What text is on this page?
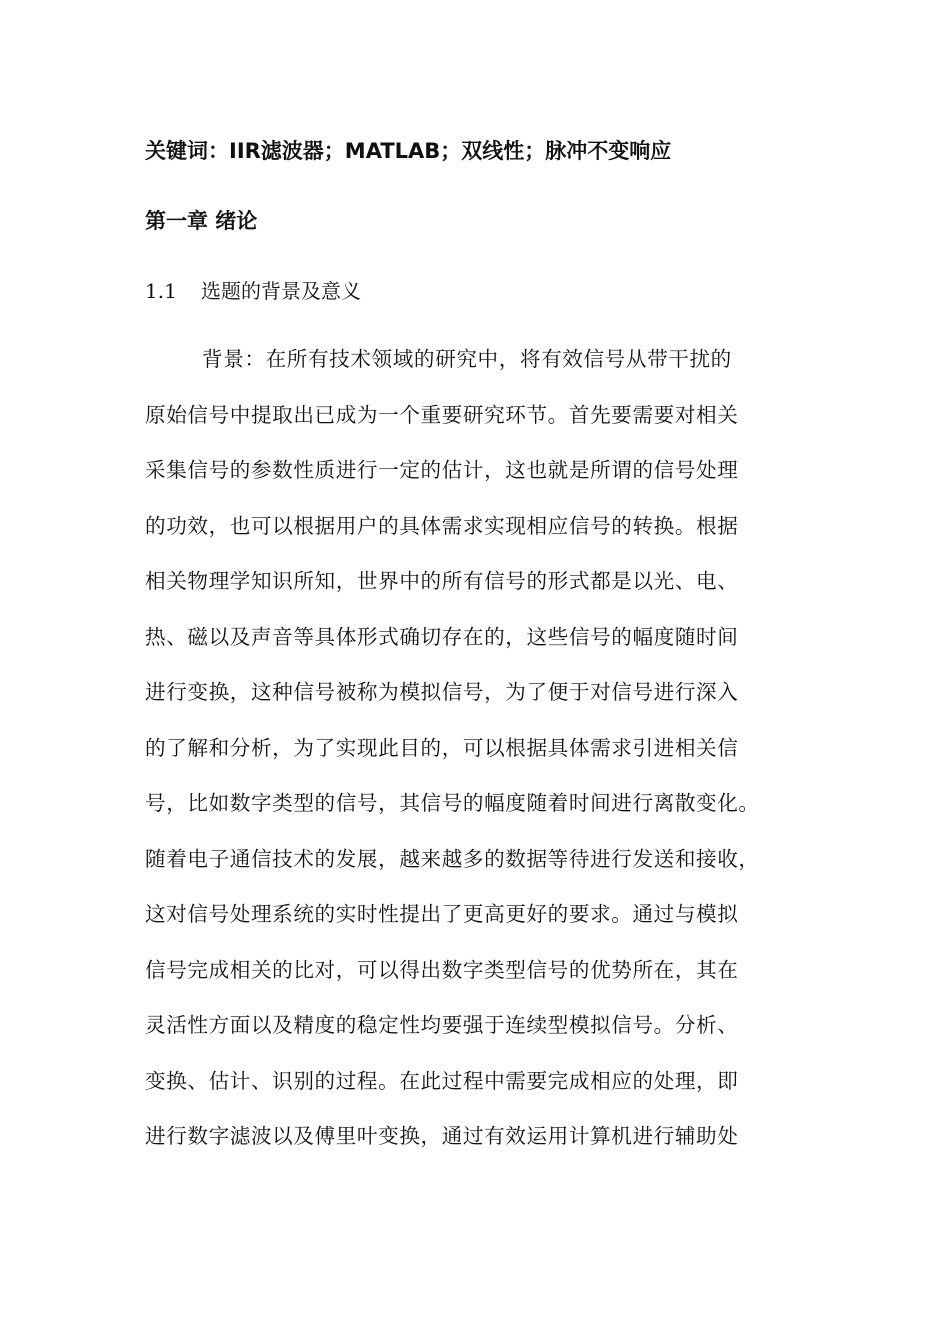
关键词：IIR滤波器；MATLAB；双线性；脉冲不变响应
第一章 绪论
1.1 选题的背景及意义
背景：在所有技术领域的研究中，将有效信号从带干扰的
原始信号中提取出已成为一个重要研究环节。首先要需要对相关
采集信号的参数性质进行一定的估计，这也就是所谓的信号处理
的功效，也可以根据用户的具体需求实现相应信号的转换。根据
相关物理学知识所知，世界中的所有信号的形式都是以光、电、
热、磁以及声音等具体形式确切存在的，这些信号的幅度随时间
进行变换，这种信号被称为模拟信号，为了便于对信号进行深入
的了解和分析，为了实现此目的，可以根据具体需求引进相关信
号，比如数字类型的信号，其信号的幅度随着时间进行离散变化。
随着电子通信技术的发展，越来越多的数据等待进行发送和接收，
这对信号处理系统的实时性提出了更高更好的要求。通过与模拟
信号完成相关的比对，可以得出数字类型信号的优势所在，其在
灵活性方面以及精度的稳定性均要强于连续型模拟信号。分析、
变换、估计、识别的过程。在此过程中需要完成相应的处理，即
进行数字滤波以及傅里叶变换，通过有效运用计算机进行辅助处
